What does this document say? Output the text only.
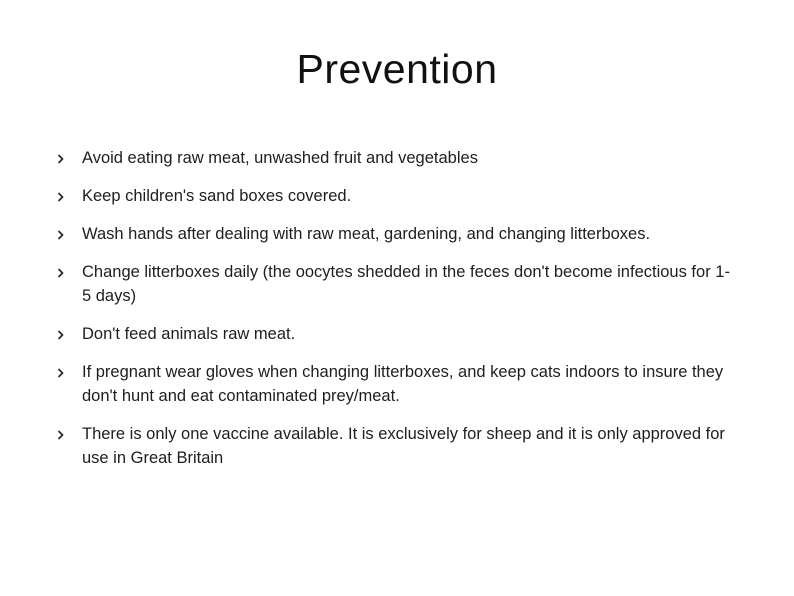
Prevention
Avoid eating raw meat, unwashed fruit and vegetables
Keep children's sand boxes covered.
Wash hands after dealing with raw meat, gardening, and changing litterboxes.
Change litterboxes daily (the oocytes shedded in the feces don't become infectious for 1-5 days)
Don't feed animals raw meat.
If pregnant wear gloves when changing litterboxes, and keep cats indoors to insure they don't hunt and eat contaminated prey/meat.
There is only one vaccine available. It is exclusively for sheep and it is only approved for use in Great Britain
